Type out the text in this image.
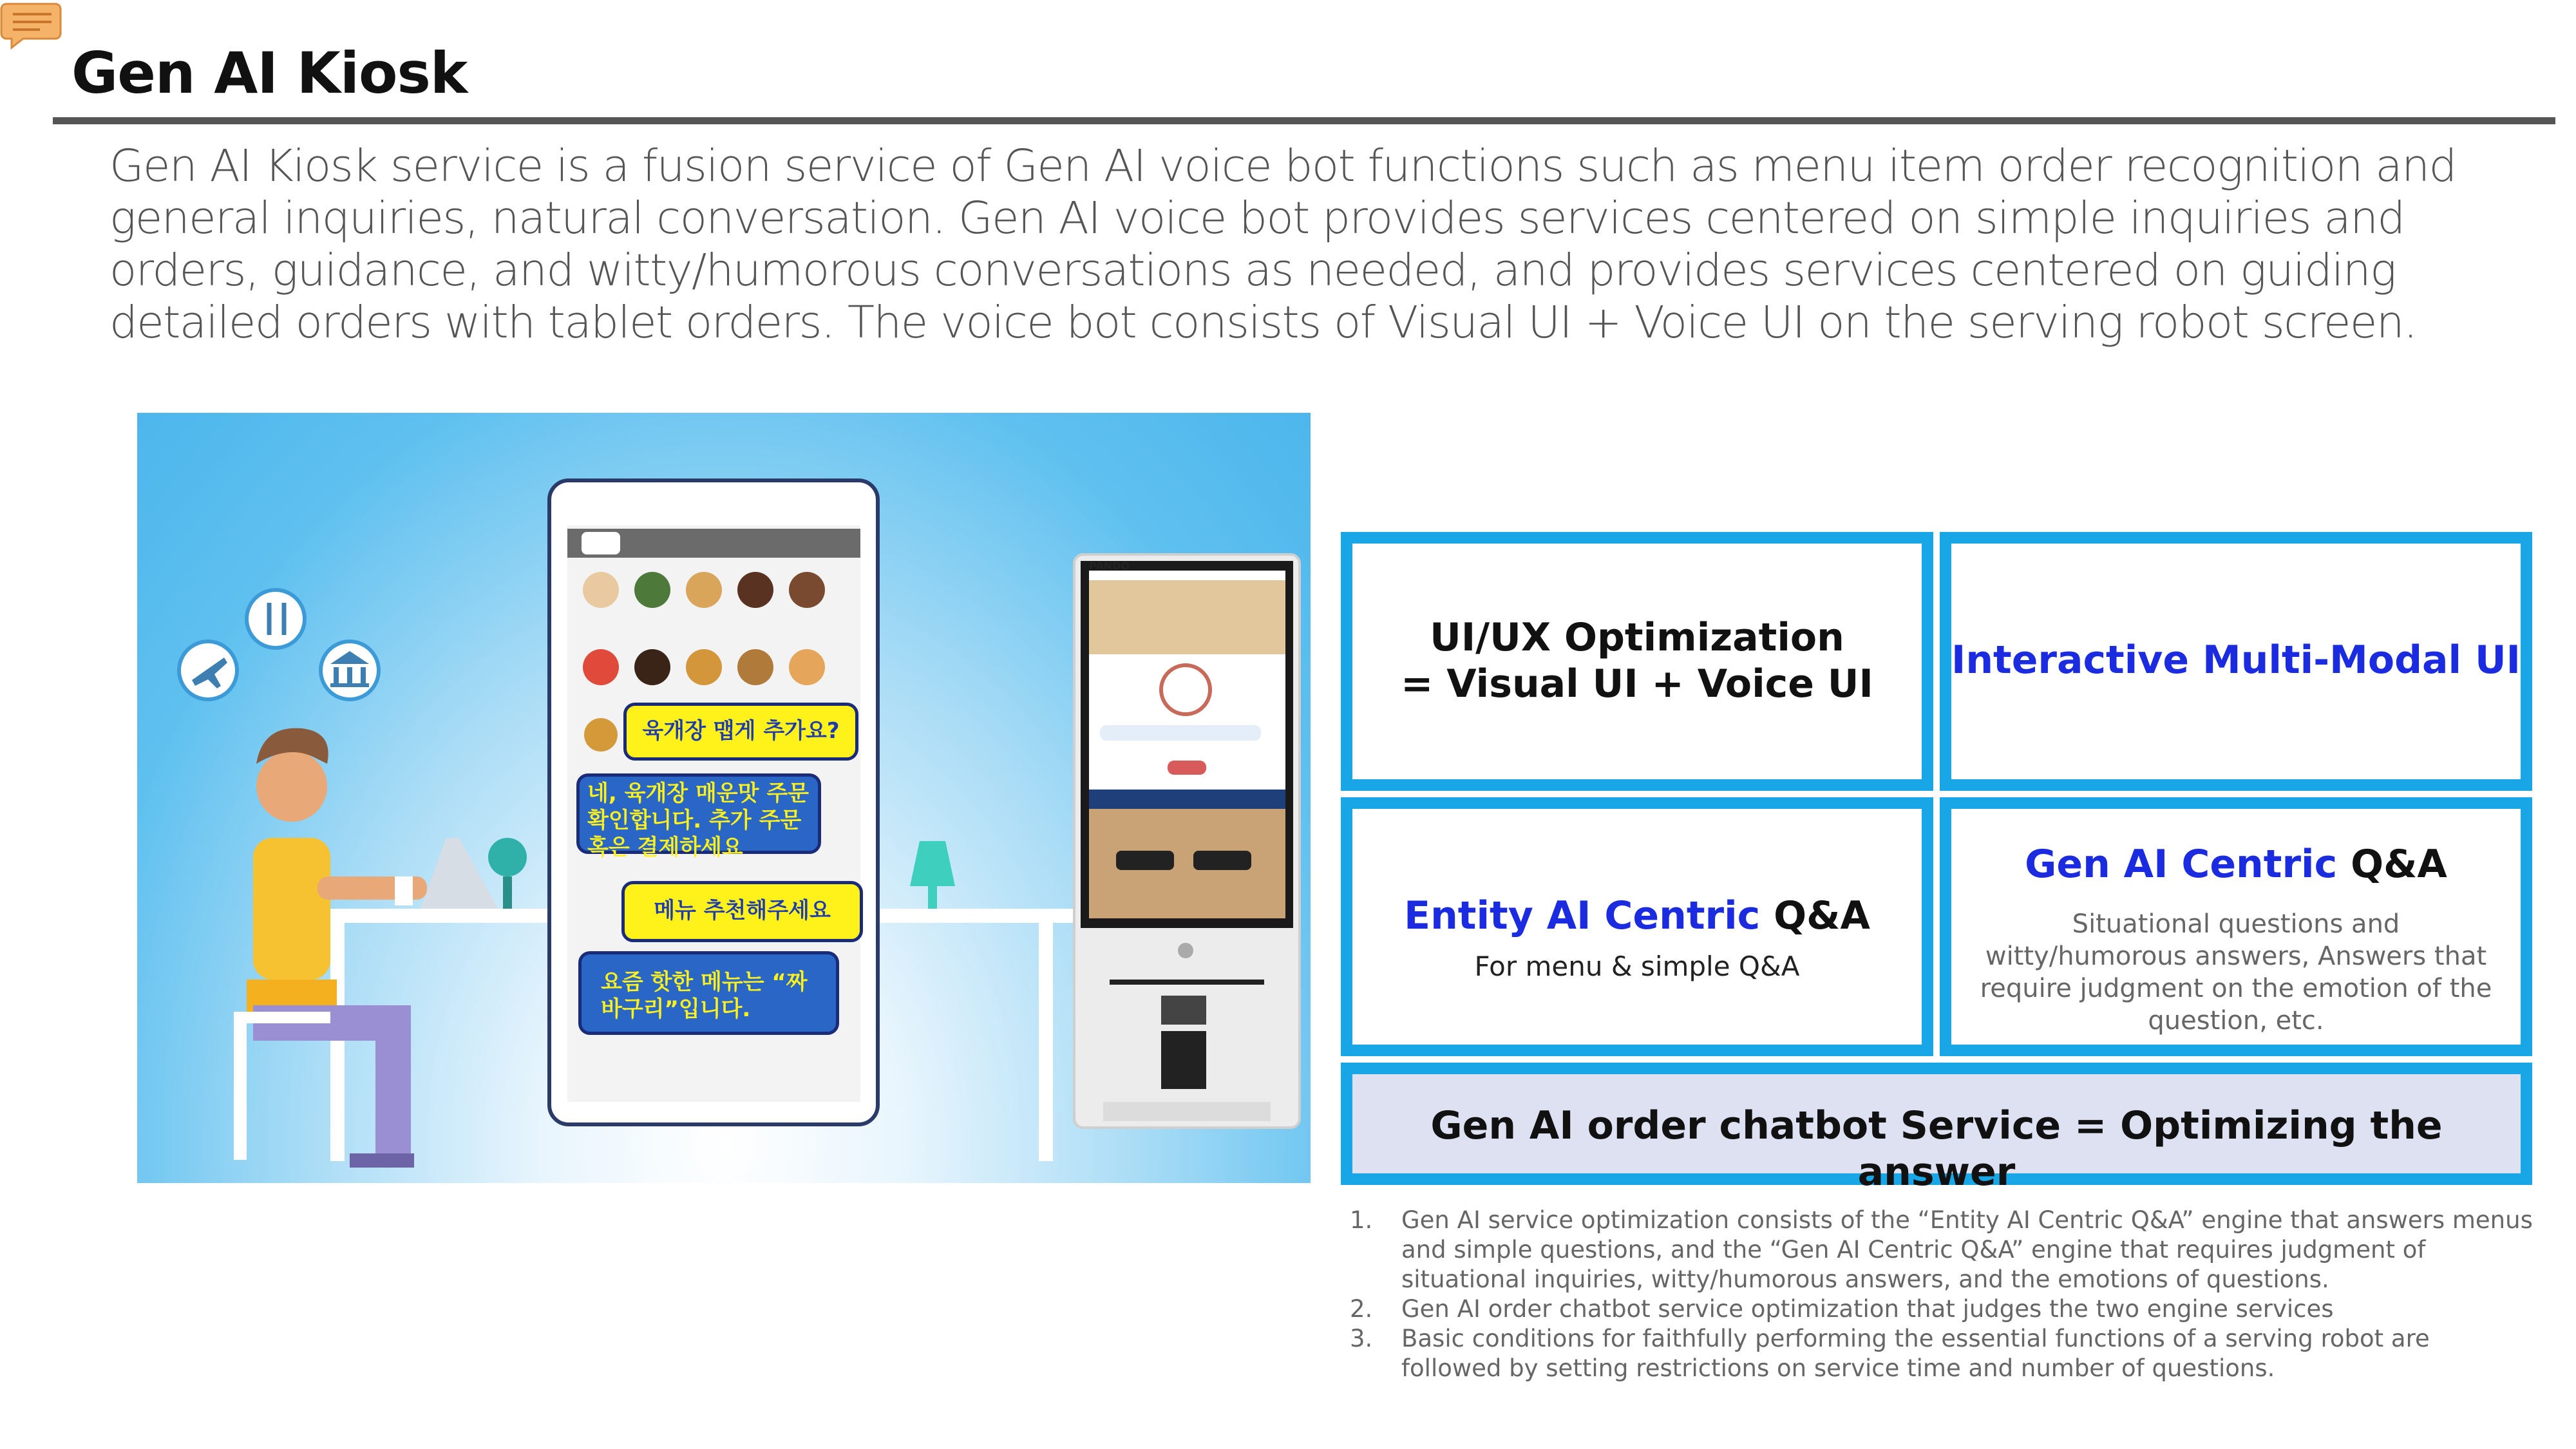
Gen AI Kiosk
Gen AI Kiosk service is a fusion service of Gen AI voice bot functions such as menu item order recognition and general inquiries, natural conversation. Gen AI voice bot provides services centered on simple inquiries and orders, guidance, and witty/humorous conversations as needed, and provides services centered on guiding detailed orders with tablet orders. The voice bot consists of Visual UI + Voice UI on the serving robot screen.
육개장 맵게 추가요?
네, 육개장 매운맛 주문 확인합니다. 추가 주문 혹은 결제하세요
메뉴 추천해주세요
요즘 핫한 메뉴는 “짜바구리”입니다.
PANDO
UI/UX Optimization
= Visual UI + Voice UI
Interactive Multi-Modal UI
Entity AI Centric Q&A
For menu & simple Q&A
Gen AI Centric Q&A
Situational questions and witty/humorous answers, Answers that require judgment on the emotion of the question, etc.
Gen AI order chatbot Service = Optimizing the answer
1. Gen AI service optimization consists of the “Entity AI Centric Q&A” engine that answers menus and simple questions, and the “Gen AI Centric Q&A” engine that requires judgment of situational inquiries, witty/humorous answers, and the emotions of questions.
2. Gen AI order chatbot service optimization that judges the two engine services
3. Basic conditions for faithfully performing the essential functions of a serving robot are followed by setting restrictions on service time and number of questions.
